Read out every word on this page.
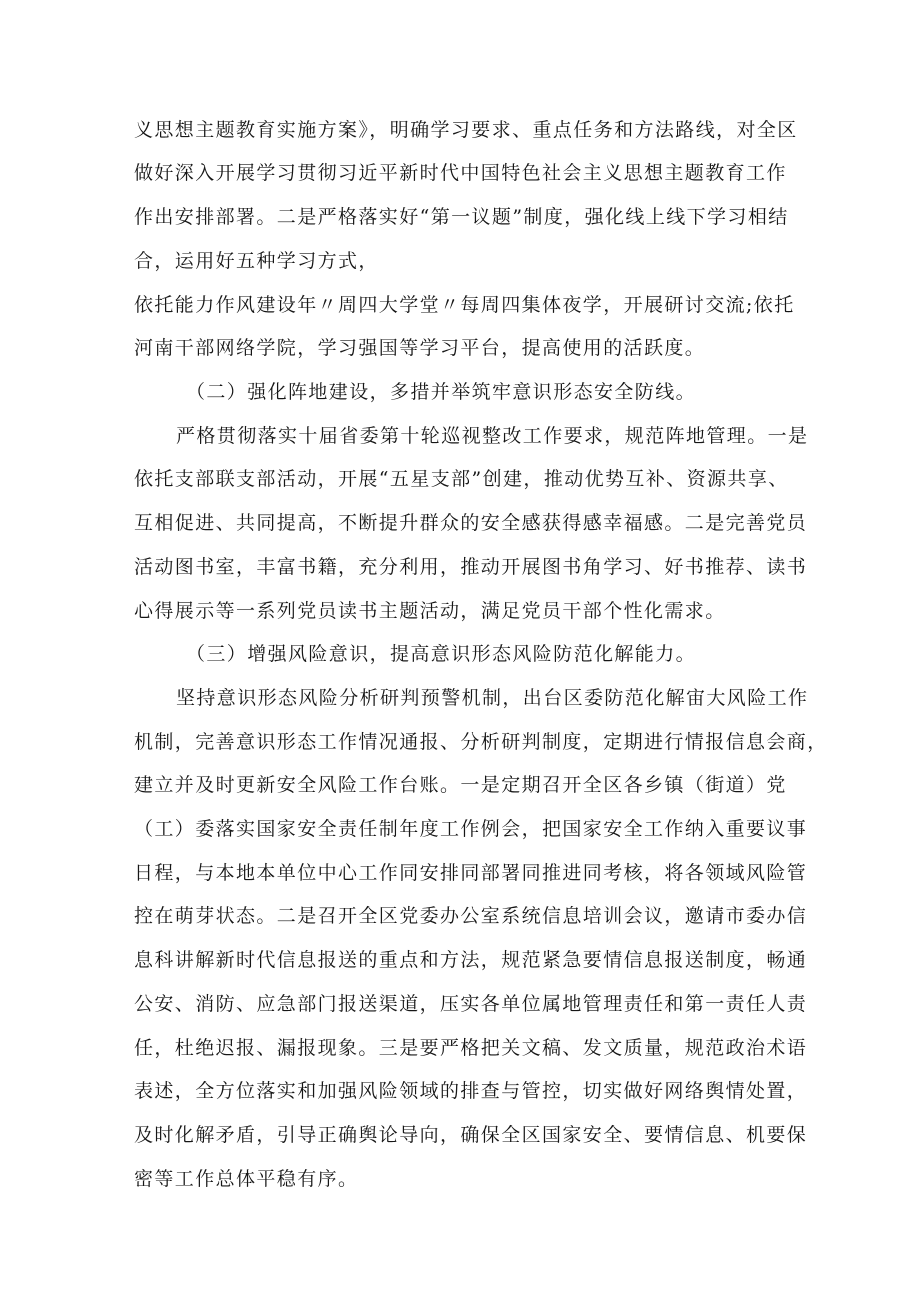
义思想主题教育实施方案》，明确学习要求、重点任务和方法路线，对全区
做好深入开展学习贯彻习近平新时代中国特色社会主义思想主题教育工作
作出安排部署。二是严格落实好“第一议题”制度，强化线上线下学习相结
合，运用好五种学习方式，
依托能力作风建设年〃周四大学堂〃每周四集体夜学，开展研讨交流;依托
河南干部网络学院，学习强国等学习平台，提高使用的活跃度。
（二）强化阵地建设，多措并举筑牢意识形态安全防线。
严格贯彻落实十届省委第十轮巡视整改工作要求，规范阵地管理。一是
依托支部联支部活动，开展“五星支部”创建，推动优势互补、资源共享、
互相促进、共同提高，不断提升群众的安全感获得感幸福感。二是完善党员
活动图书室，丰富书籍，充分利用，推动开展图书角学习、好书推荐、读书
心得展示等一系列党员读书主题活动，满足党员干部个性化需求。
（三）增强风险意识，提高意识形态风险防范化解能力。
坚持意识形态风险分析研判预警机制，出台区委防范化解宙大风险工作
机制，完善意识形态工作情况通报、分析研判制度，定期进行情报信息会商，
建立并及时更新安全风险工作台账。一是定期召开全区各乡镇（街道）党
（工）委落实国家安全责任制年度工作例会，把国家安全工作纳入重要议事
日程，与本地本单位中心工作同安排同部署同推进同考核，将各领域风险管
控在萌芽状态。二是召开全区党委办公室系统信息培训会议，邀请市委办信
息科讲解新时代信息报送的重点和方法，规范紧急要情信息报送制度，畅通
公安、消防、应急部门报送渠道，压实各单位属地管理责任和第一责任人责
任，杜绝迟报、漏报现象。三是要严格把关文稿、发文质量，规范政治术语
表述，全方位落实和加强风险领域的排查与管控，切实做好网络舆情处置，
及时化解矛盾，引导正确舆论导向，确保全区国家安全、要情信息、机要保
密等工作总体平稳有序。
